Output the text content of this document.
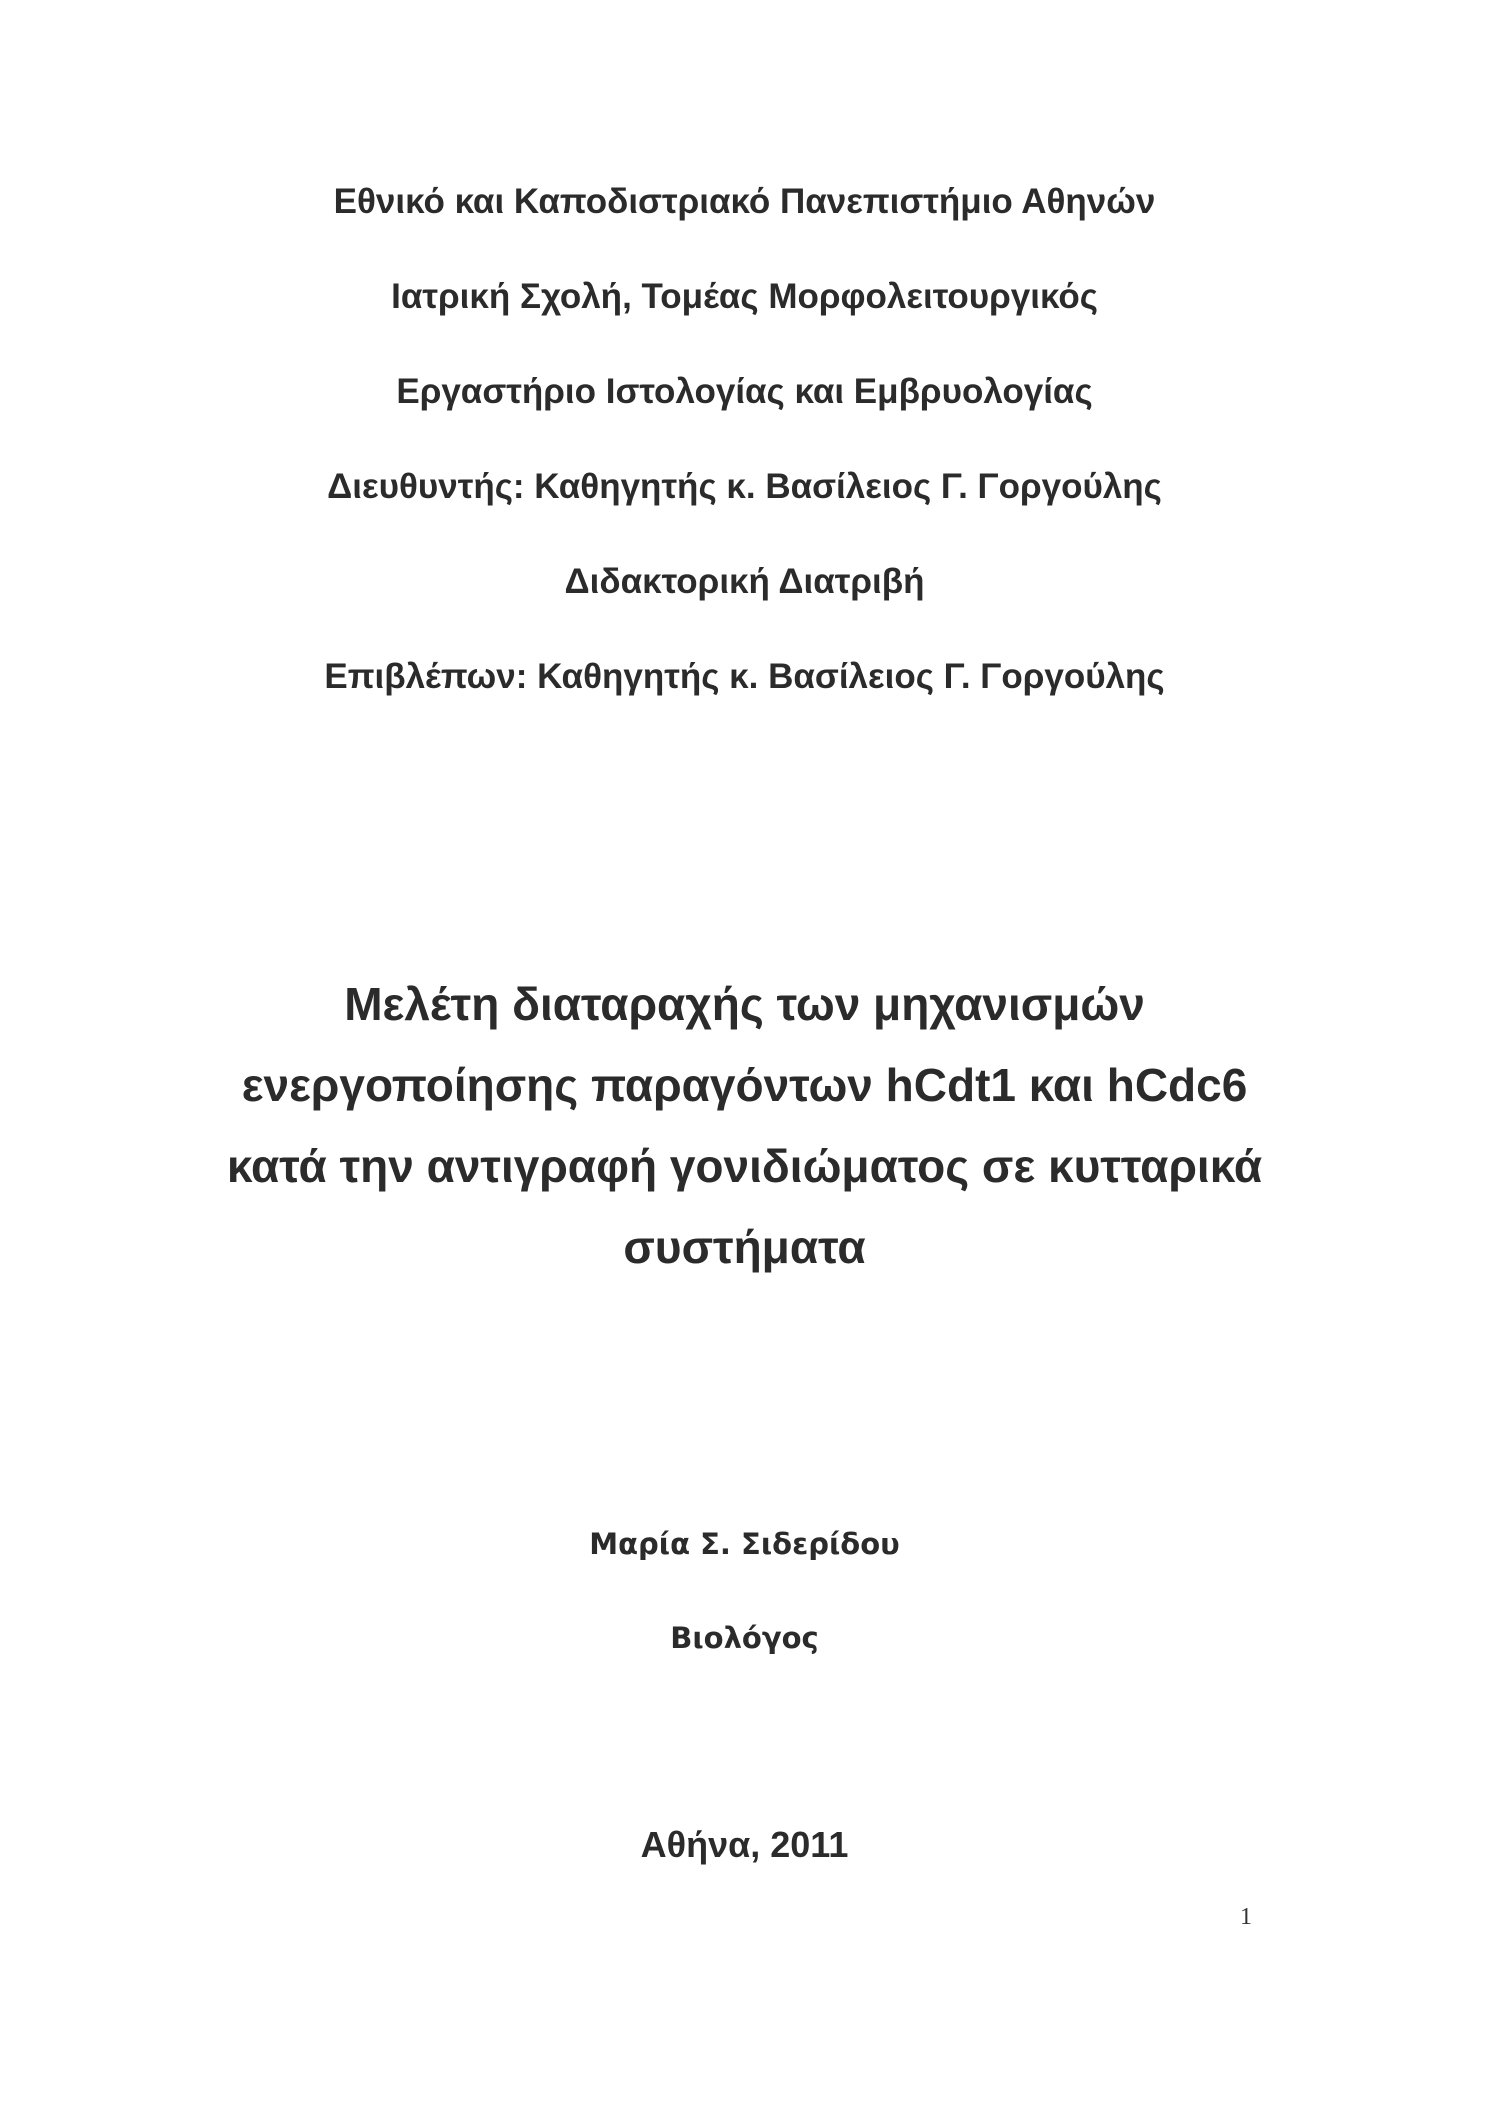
Εθνικό και Καποδιστριακό Πανεπιστήμιο Αθηνών

Ιατρική Σχολή, Τομέας Μορφολειτουργικός

Εργαστήριο Ιστολογίας και Εμβρυολογίας

Διευθυντής: Καθηγητής κ. Βασίλειος Γ. Γοργούλης

Διδακτορική Διατριβή

Επιβλέπων: Καθηγητής κ. Βασίλειος Γ. Γοργούλης

Μελέτη διαταραχής των μηχανισμών

ενεργοποίησης παραγόντων hCdt1 και hCdc6

κατά την αντιγραφή γονιδιώματος σε κυτταρικά

συστήματα

Μαρία Σ. Σιδερίδου

Βιολόγος

Αθήνα, 2011

1
